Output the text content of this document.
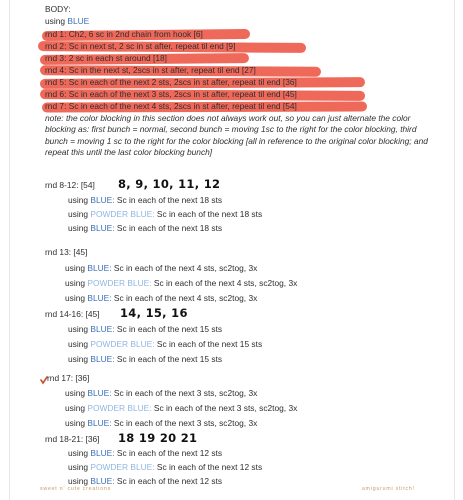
BODY:
using BLUE
rnd 1: Ch2, 6 sc in 2nd chain from hook [6]
rnd 2: Sc in next st, 2 sc in st after, repeat til end [9]
rnd 3: 2 sc in each st around [18]
rnd 4: Sc in the next st, 2scs in st after, repeat til end [27]
rnd 5: Sc in each of the next 2 sts, 2scs in st after, repeat til end [36]
rnd 6: Sc in each of the next 3 sts, 2scs in st after, repeat til end [45]
rnd 7: Sc in each of the next 4 sts, 2scs in st after, repeat til end [54]
note: the color blocking in this section does not always work out, so you can just alternate the color blocking as: first bunch = normal, second bunch = moving 1sc to the right for the color blocking, third bunch = moving 1 sc to the right for the color blocking [all in reference to the original color blocking; and repeat this until the last color blocking bunch]
rnd 8-12: [54] 8, 9, 10, 11, 12
using BLUE: Sc in each of the next 18 sts
using POWDER BLUE: Sc in each of the next 18 sts
using BLUE: Sc in each of the next 18 sts
rnd 13: [45]
using BLUE: Sc in each of the next 4 sts, sc2tog, 3x
using POWDER BLUE: Sc in each of the next 4 sts, sc2tog, 3x
using BLUE: Sc in each of the next 4 sts, sc2tog, 3x
rnd 14-16: [45] 14, 15, 16
using BLUE: Sc in each of the next 15 sts
using POWDER BLUE: Sc in each of the next 15 sts
using BLUE: Sc in each of the next 15 sts
rnd 17: [36]
using BLUE: Sc in each of the next 3 sts, sc2tog, 3x
using POWDER BLUE: Sc in each of the next 3 sts, sc2tog, 3x
using BLUE: Sc in each of the next 3 sts, sc2tog, 3x
rnd 18-21: [36] 18 19 20 21
using BLUE: Sc in each of the next 12 sts
using POWDER BLUE: Sc in each of the next 12 sts
using BLUE: Sc in each of the next 12 sts
sweet n' cute creations	amigurumi stitch!
